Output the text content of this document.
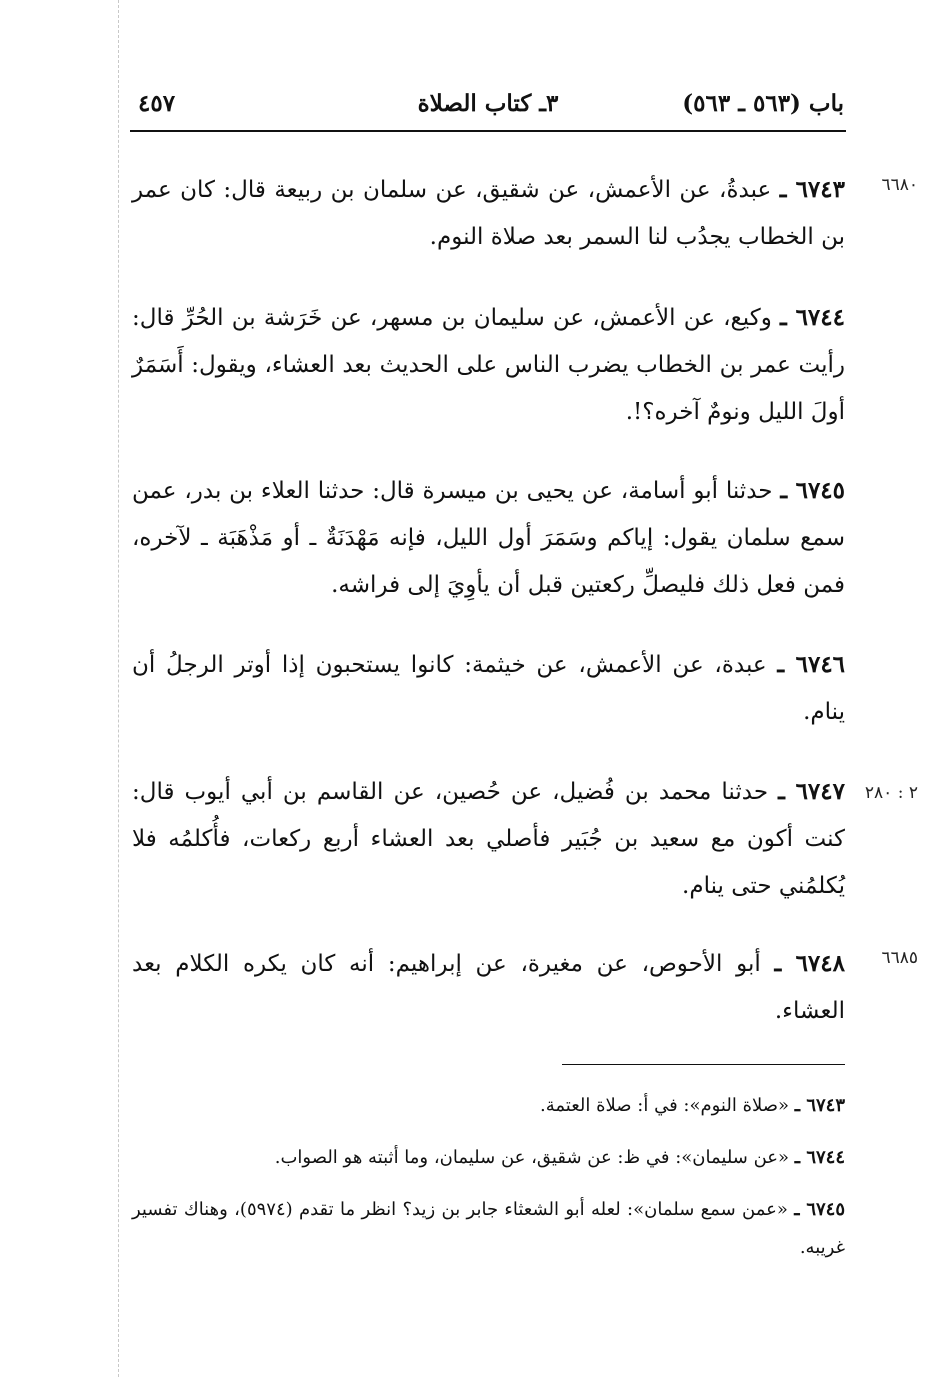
٤٥٧	٣ـ كتاب الصلاة	باب (٥٦٣ ـ ٥٦٣)
٦٦٨٠
٢ : ٢٨٠
٦٦٨٥
٦٧٤٣ ـ عبدةُ، عن الأعمش، عن شقيق، عن سلمان بن ربيعة قال: كان عمر بن الخطاب يجدُب لنا السمر بعد صلاة النوم.
٦٧٤٤ ـ وكيع، عن الأعمش، عن سليمان بن مسهر، عن خَرَشة بن الحُرِّ قال: رأيت عمر بن الخطاب يضرب الناس على الحديث بعد العشاء، ويقول: أَسَمَرٌ أولَ الليل ونومٌ آخره؟!.
٦٧٤٥ ـ حدثنا أبو أسامة، عن يحيى بن ميسرة قال: حدثنا العلاء بن بدر، عمن سمع سلمان يقول: إياكم وسَمَرَ أول الليل، فإنه مَهْدَنَةٌ ـ أو مَذْهَبَة ـ لآخره، فمن فعل ذلك فليصلِّ ركعتين قبل أن يأوِيَ إلى فراشه.
٦٧٤٦ ـ عبدة، عن الأعمش، عن خيثمة: كانوا يستحبون إذا أوتر الرجلُ أن ينام.
٦٧٤٧ ـ حدثنا محمد بن فُضيل، عن حُصين، عن القاسم بن أبي أيوب قال: كنت أكون مع سعيد بن جُبَير فأصلي بعد العشاء أربع ركعات، فأُكلمُه فلا يُكلمُني حتى ينام.
٦٧٤٨ ـ أبو الأحوص، عن مغيرة، عن إبراهيم: أنه كان يكره الكلام بعد العشاء.
٦٧٤٣ ـ «صلاة النوم»: في أ: صلاة العتمة.
٦٧٤٤ ـ «عن سليمان»: في ظ: عن شقيق، عن سليمان، وما أثبته هو الصواب.
٦٧٤٥ ـ «عمن سمع سلمان»: لعله أبو الشعثاء جابر بن زيد؟ انظر ما تقدم (٥٩٧٤)، وهناك تفسير غريبه.
